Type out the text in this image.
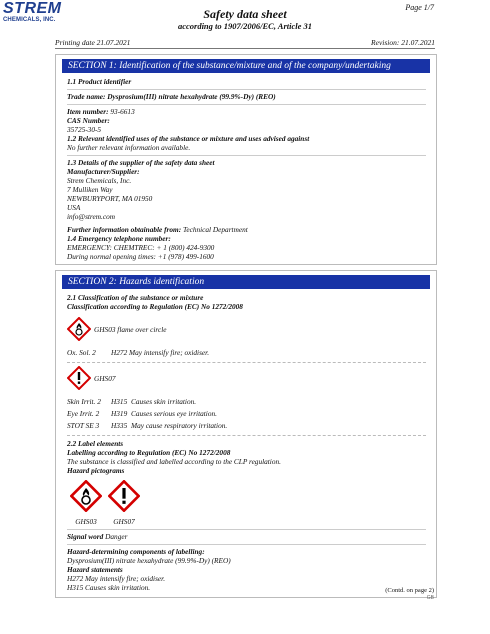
STREM
CHEMICALS, INC.
Page 1/7
Safety data sheet
according to 1907/2006/EC, Article 31
Printing date 21.07.2021	Revision: 21.07.2021
SECTION 1: Identification of the substance/mixture and of the company/undertaking
1.1 Product identifier
Trade name: Dysprosium(III) nitrate hexahydrate (99.9%-Dy) (REO)
Item number: 93-6613
CAS Number:
35725-30-5
1.2 Relevant identified uses of the substance or mixture and uses advised against
No further relevant information available.
1.3 Details of the supplier of the safety data sheet
Manufacturer/Supplier:
Strem Chemicals, Inc.
7 Mulliken Way
NEWBURYPORT, MA 01950
USA
info@strem.com
Further information obtainable from: Technical Department
1.4 Emergency telephone number:
EMERGENCY: CHEMTREC: + 1 (800) 424-9300
During normal opening times: +1 (978) 499-1600
SECTION 2: Hazards identification
2.1 Classification of the substance or mixture
Classification according to Regulation (EC) No 1272/2008
GHS03 flame over circle
Ox. Sol. 2	H272 May intensify fire; oxidiser.
GHS07
Skin Irrit. 2	H315 Causes skin irritation.
Eye Irrit. 2	H319 Causes serious eye irritation.
STOT SE 3	H335 May cause respiratory irritation.
2.2 Label elements
Labelling according to Regulation (EC) No 1272/2008
The substance is classified and labelled according to the CLP regulation.
Hazard pictograms
GHS03	GHS07
Signal word Danger
Hazard-determining components of labelling:
Dysprosium(III) nitrate hexahydrate (99.9%-Dy) (REO)
Hazard statements
H272 May intensify fire; oxidiser.
H315 Causes skin irritation.	(Contd. on page 2)
GB
